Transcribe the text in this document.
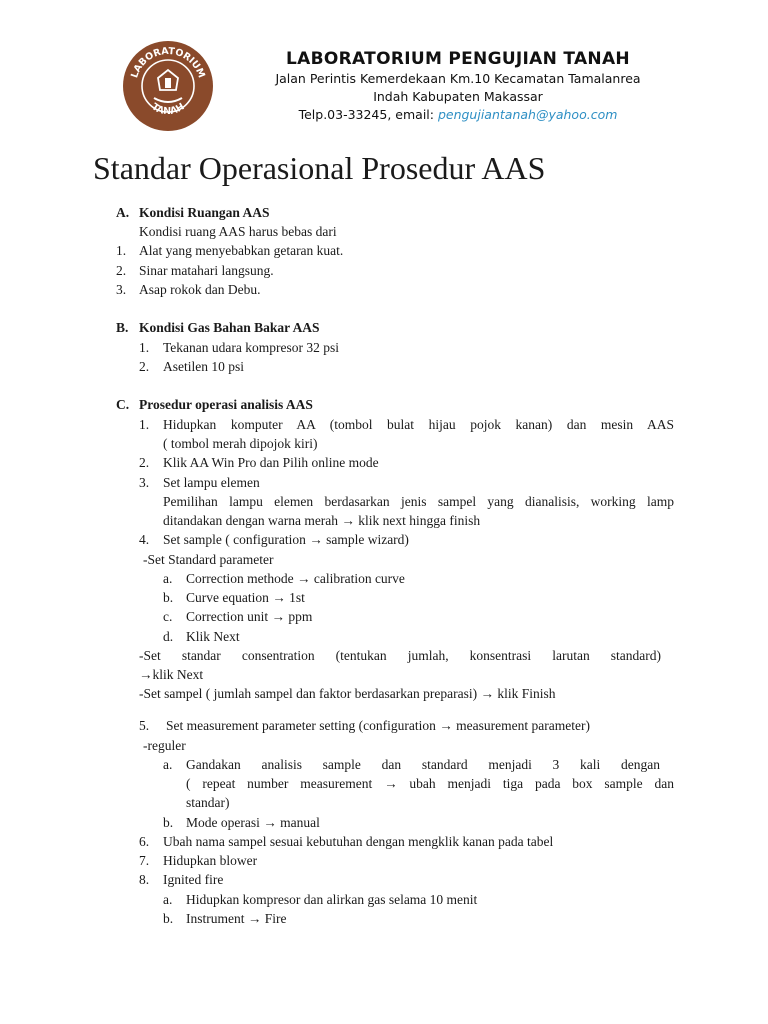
LABORATORIUM
TANAH
LABORATORIUM PENGUJIAN TANAH
Jalan Perintis Kemerdekaan Km.10 Kecamatan Tamalanrea
Indah Kabupaten Makassar
Telp.03-33245, email: pengujiantanah@yahoo.com
Standar Operasional Prosedur AAS
A. Kondisi Ruangan AAS
Kondisi ruang AAS harus bebas dari
1. Alat yang menyebabkan getaran kuat.
2. Sinar matahari langsung.
3. Asap rokok dan Debu.
B. Kondisi Gas Bahan Bakar AAS
1. Tekanan udara kompresor 32 psi
2. Asetilen 10 psi
C. Prosedur operasi analisis AAS
1. Hidupkan komputer AA (tombol bulat hijau pojok kanan) dan mesin AAS
( tombol merah dipojok kiri)
2. Klik AA Win Pro dan Pilih online mode
3. Set lampu elemen
Pemilihan lampu elemen berdasarkan jenis sampel yang dianalisis, working lamp
ditandakan dengan warna merah → klik next hingga finish
4. Set sample ( configuration → sample wizard)
-Set Standard parameter
a. Correction methode → calibration curve
b. Curve equation → 1st
c. Correction unit → ppm
d. Klik Next
-Set standar consentration (tentukan jumlah, konsentrasi larutan standard)
→klik Next
-Set sampel ( jumlah sampel dan faktor berdasarkan preparasi) → klik Finish
5. Set measurement parameter setting (configuration → measurement parameter)
-reguler
a. Gandakan analisis sample dan standard menjadi 3 kali dengan
( repeat number measurement → ubah menjadi tiga pada box sample dan
standar)
b. Mode operasi → manual
6. Ubah nama sampel sesuai kebutuhan dengan mengklik kanan pada tabel
7. Hidupkan blower
8. Ignited fire
a. Hidupkan kompresor dan alirkan gas selama 10 menit
b. Instrument → Fire
